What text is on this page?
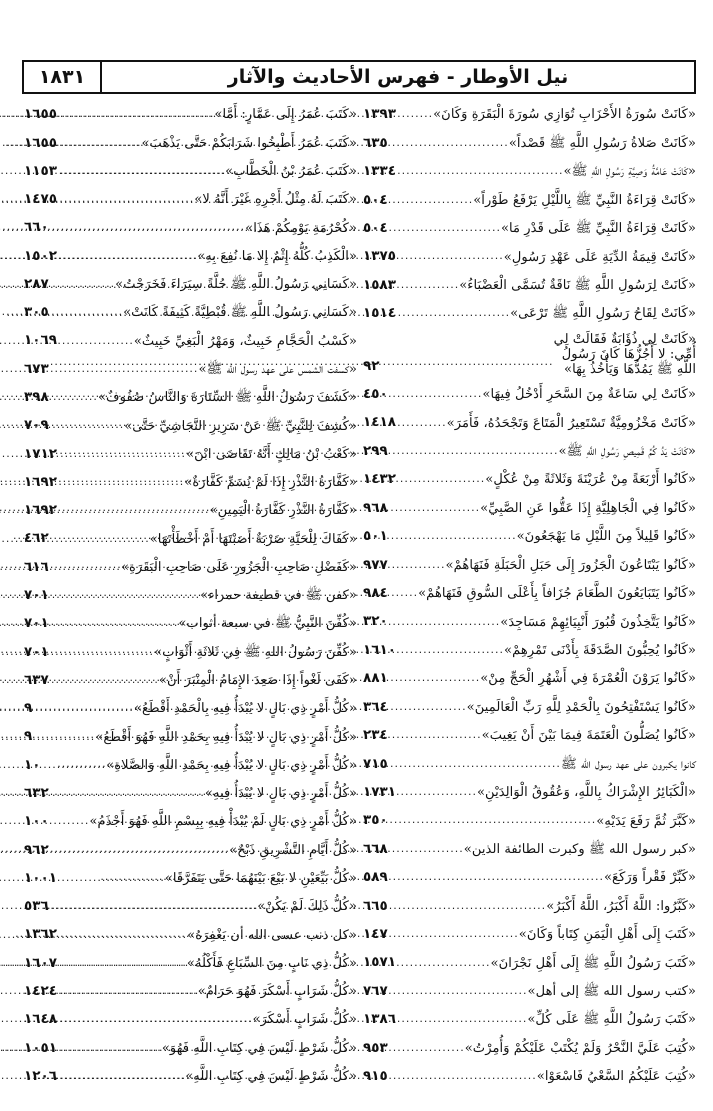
نيل الأوطار - فهرس الأحاديث والآثار
١٨٣١
«كَانَتْ سُورَةُ الأَحْزَابِ تُوَازِي سُورَةَ الْبَقَرَةِ وَكَانَ»
.....
١٣٩٣
«كَانَتْ صَلاةُ رَسُولِ اللَّهِ ﷺ قَصْداً»
.....
٦٣٥
«كَانَتْ عَامَّةُ وَصِيَّةِ رَسُولِ اللَّهِ ﷺ»
.....
١٣٣٤
«كَانَتْ قِرَاءَةُ النَّبِيِّ ﷺ بِاللَّيْلِ يَرْفَعُ طَوْراً»
.....
٥٠٤
«كَانَتْ قِرَاءَةُ النَّبِيِّ ﷺ عَلَى قَدْرِ مَا»
.....
٥٠٤
«كَانَتْ قِيمَةُ الدِّيَةِ عَلَى عَهْدِ رَسُولِ»
.....
١٣٧٥
«كَانَتْ لِرَسُولِ اللَّهِ ﷺ نَاقَةٌ تُسَمَّى الْعَضْبَاءُ»
.....
١٥٨٣
«كَانَتْ لِقَاحُ رَسُولِ اللَّهِ ﷺ تَرْعَى»
.....
١٥١٤
«كَانَتْ لِي ذُؤَابَةٌ فَقَالَتْ لِي أُمِّي: لا أَجُزُّهَا كَانَ رَسُولُ اللَّهِ ﷺ يَمُدُّهَا وَيَأْخُذُ بِهَا»
.....
٩٢
«كَانَتْ لِي سَاعَةٌ مِنَ السَّحَرِ أَدْخُلُ فِيهَا»
.....
٤٥٠
«كَانَتْ مَخْزُومِيَّةٌ تَسْتَعِيرُ الْمَتَاعَ وَتَجْحَدُهُ، فَأَمَرَ»
.....
١٤١٨
«كَانَتْ يَدُ كُمِّ قَمِيصِ رَسُولِ اللَّهِ ﷺ»
.....
٢٩٩
«كَانُوا أَرْبَعَةً مِنْ عُرَيْنَةَ وَثَلاثَةً مِنْ عُكْلٍ»
.....
١٤٣٢
«كَانُوا فِي الْجَاهِلِيَّةِ إِذَا عَقُّوا عَنِ الصَّبِيِّ»
.....
٩٦٨
«كَانُوا قَلِيلاً مِنَ اللَّيْلِ مَا يَهْجَعُونَ»
.....
٥٠١
«كَانُوا يَبْتَاعُونَ الْجَزُورَ إِلَى حَبَلِ الْحَبَلَةِ فَنَهَاهُمْ»
.....
٩٧٧
«كَانُوا يَتَبَايَعُونَ الطَّعَامَ جُزَافاً بِأَعْلَى السُّوقِ فَنَهَاهُمْ»
.....
٩٨٤
«كَانُوا يَتَّخِذُونَ قُبُورَ أَنْبِيَائِهِمْ مَسَاجِدَ»
.....
٣٢٠
«كَانُوا يُحِبُّونَ الصَّدَقَةَ بِأَدْنَى تَمْرِهِمْ»
.....
١٦١٠
«كَانُوا يَرَوْنَ الْعُمْرَةَ فِي أَشْهُرِ الْحَجِّ مِنْ»
.....
٨٨١
«كَانُوا يَسْتَفْتِحُونَ بِالْحَمْدِ لِلَّهِ رَبِّ الْعَالَمِينَ»
.....
٣٦٤
«كَانُوا يُصَلُّونَ الْعَتَمَةَ فِيمَا بَيْنَ أَنْ يَغِيبَ»
.....
٢٣٤
كانوا يكبرون على عهد رسول الله ﷺ
.....
٧١٥
«الْكَبَائِرُ الإِشْرَاكُ بِاللَّهِ، وَعُقُوقُ الْوَالِدَيْنِ»
.....
١٧٣١
«كَبَّرَ ثُمَّ رَفَعَ يَدَيْهِ»
.....
٣٥٠
«كبر رسول الله ﷺ وكبرت الطائفة الذين»
.....
٦٦٨
«كَبِّرْ فَقْراً وَرَكَعَ»
.....
٥٨٩
«كَبَّرُوا: اللَّهُ أَكْبَرُ، اللَّهُ أَكْبَرُ»
.....
٦٦٥
«كَتَبَ إِلَى أَهْلِ الْيَمَنِ كِتَاباً وَكَانَ»
.....
١٤٧
«كَتَبَ رَسُولُ اللَّهِ ﷺ إِلَى أَهْلِ نَجْرَانَ»
.....
١٥٧١
«كتب رسول الله ﷺ إلى أهل»
.....
٧٦٧
«كَتَبَ رَسُولُ اللَّهِ ﷺ عَلَى كُلِّ»
.....
١٣٨٦
«كُتِبَ عَلَيَّ النَّحْرُ وَلَمْ يُكْتَبْ عَلَيْكُمْ وَأُمِرْتُ»
.....
٩٥٣
«كُتِبَ عَلَيْكُمُ السَّعْيُ فَاسْعَوْا»
.....
٩١٥
«كَتَبَ عُمَرُ إِلَى عَمَّارٍ: أَمَّا»
.....
١٦٥٥
«كَتَبَ عُمَرُ أَطْبِخُوا شَرَابَكُمْ حَتَّى يَذْهَبَ»
.....
١٦٥٥
«كَتَبَ عُمَرُ بْنُ الْخَطَّابِ»
.....
١١٥٣
«كَتَبَ لَهُ مِثْلُ أَجْرِهِ غَيْرَ أَنَّهُ لا»
.....
١٤٧٥
«كُحْرُمَةِ يَوْمِكُمْ هَذَا»
.....
٦٦٠
«الْكَذِبُ كُلُّهُ إِثْمٌ إِلا مَا نُفِعَ بِهِ»
.....
١٥٠٢
«كَسَانِي رَسُولُ اللَّهِ ﷺ حُلَّةً سِيَرَاءَ فَخَرَجْتُ»
.....
٢٨٧
«كَسَانِي رَسُولُ اللَّهِ ﷺ قُبْطِيَّةً كَثِيفَةً كَانَتْ»
.....
٣٠٥
«كَسْبُ الْحَجَّامِ خَبِيثٌ، وَمَهْرُ الْبَغِيِّ خَبِيثٌ»
.....
١٠٦٩
«كسفت الشمس على عهد رسول الله ﷺ»
.....
٦٧٣
«كَشَفَ رَسُولُ اللَّهِ ﷺ السِّتَارَةَ وَالنَّاسُ صُفُوفٌ»
.....
٣٩٨
«كُشِفَ لِلنَّبِيِّ ﷺ عَنْ سَرِيرِ النَّجَاشِيِّ حَتَّى»
.....
٧٠٩
«كَعْبُ بْنُ مَالِكٍ أَنَّهُ تَقَاضَى ابْنَ»
.....
١٧١٢
«كَفَّارَةُ النَّذْرِ إِذَا لَمْ يُسَمِّ كَفَّارَةٌ»
.....
١٦٩٢
«كَفَّارَةُ النَّذْرِ كَفَّارَةُ الْيَمِينِ»
.....
١٦٩٢
«كَفَاكَ لِلْحَيَّةِ ضَرْبَةٌ أَصَبْتَهَا أَمْ أَخْطَأْتَهَا»
.....
٤٦٢
«كَفَضْلِ صَاحِبِ الْجَزُورِ عَلَى صَاحِبِ الْبَقَرَةِ»
.....
٦١٦
«كفن ﷺ في قطيفة حمراء»
.....
٧٠١
«كُفِّنَ النَّبِيُّ ﷺ في سبعة أثواب»
.....
٧٠١
«كُفِّنَ رَسُولُ اللهِ ﷺ فِي ثَلاثَةِ أَثْوَابٍ»
.....
٧٠١
«كَفَى لَغْواً إِذَا صَعِدَ الإِمَامُ الْمِنْبَرَ أَنْ»
.....
٦٣٧
«كُلُّ أَمْرٍ ذِي بَالٍ لا يُبْدَأُ فِيهِ بِالْحَمْدِ أَقْطَعُ»
.....
٩
«كُلُّ أَمْرٍ ذِي بَالٍ لا يُبْدَأُ فِيهِ بِحَمْدِ اللَّهِ فَهُوَ أَقْطَعُ»
.....
٩
«كُلُّ أَمْرٍ ذِي بَالٍ لا يُبْدَأُ فِيهِ بِحَمْدِ اللَّهِ وَالصَّلاةِ»
.....
١٠
«كُلُّ أَمْرٍ ذِي بَالٍ لا يُبْدَأُ فِيهِ»
.....
٦٣٢
«كُلُّ أَمْرٍ ذِي بَالٍ لَمْ يُبْدَأْ فِيهِ بِبِسْمِ اللَّهِ فَهُوَ أَجْذَمُ»
.....
١٠٠
«كُلُّ أَيَّامِ التَّشْرِيقِ ذَبْحٌ»
.....
٩٦٢
«كُلُّ بَيِّعَيْنِ لا بَيْعَ بَيْنَهُمَا حَتَّى يَتَفَرَّقَا»
.....
١٠٠١
«كُلُّ ذَلِكَ لَمْ يَكُنْ»
.....
٥٣٦
«كل ذنب عسى الله أن يَغْفِرَهُ»
.....
١٣٦٢
«كُلُّ ذِي نَابٍ مِنَ السِّبَاعِ فَأَكْلُهُ»
.....
١٦٠٧
«كُلُّ شَرَابٍ أَسْكَرَ فَهُوَ حَرَامٌ»
.....
١٤٢٤
«كُلُّ شَرَابٍ أَسْكَرَ»
.....
١٦٤٨
«كُلُّ شَرْطٍ لَيْسَ فِي كِتَابِ اللَّهِ فَهُوَ»
.....
١٠٥١
«كُلُّ شَرْطٍ لَيْسَ فِي كِتَابِ اللَّهِ»
.....
١٢٠٦
